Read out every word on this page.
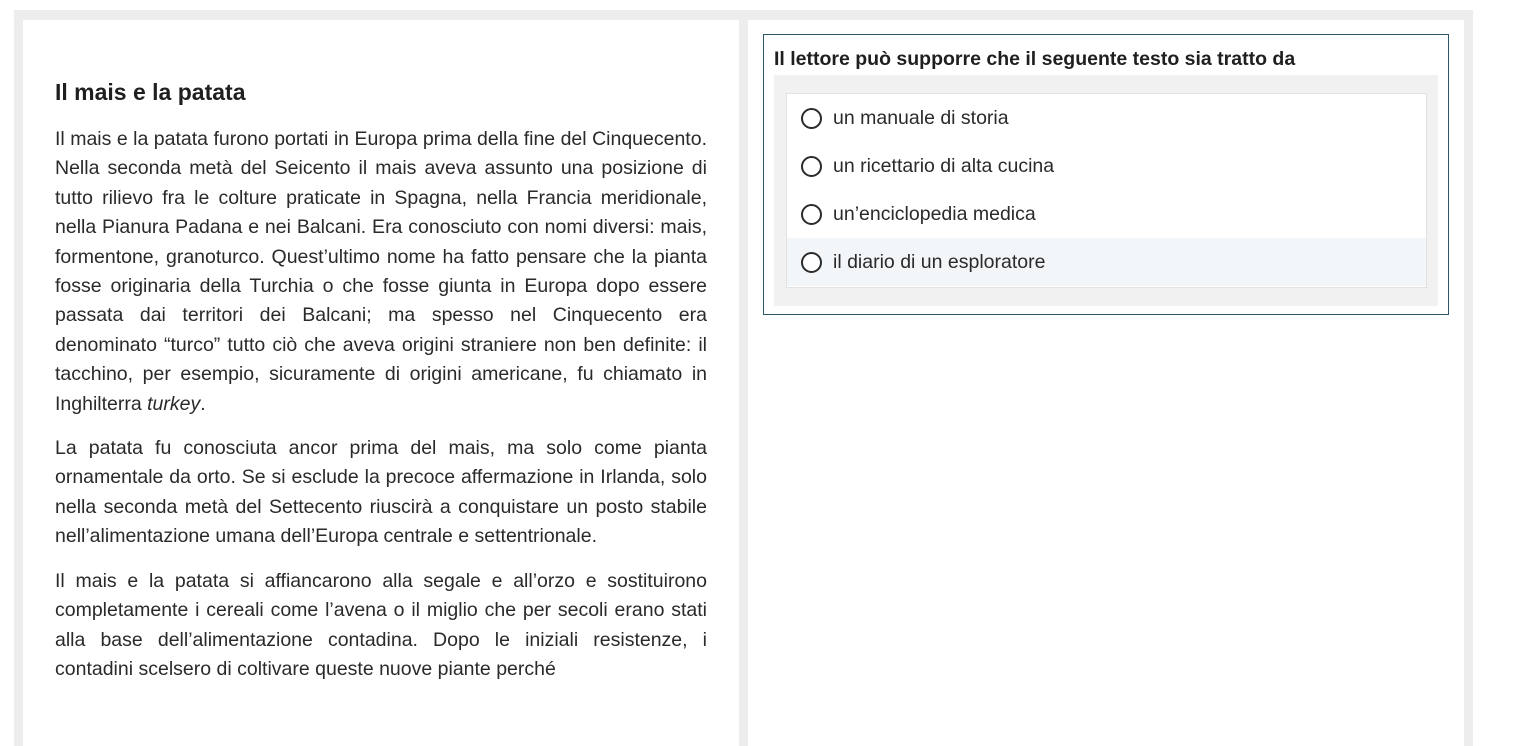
Il mais e la patata

Il mais e la patata furono portati in Europa prima della fine del Cinquecento. Nella seconda metà del Seicento il mais aveva assunto una posizione di tutto rilievo fra le colture praticate in Spagna, nella Francia meridionale, nella Pianura Padana e nei Balcani. Era conosciuto con nomi diversi: mais, formentone, granoturco. Quest’ultimo nome ha fatto pensare che la pianta fosse originaria della Turchia o che fosse giunta in Europa dopo essere passata dai territori dei Balcani; ma spesso nel Cinquecento era denominato “turco” tutto ciò che aveva origini straniere non ben definite: il tacchino, per esempio, sicuramente di origini americane, fu chiamato in Inghilterra turkey.

La patata fu conosciuta ancor prima del mais, ma solo come pianta ornamentale da orto. Se si esclude la precoce affermazione in Irlanda, solo nella seconda metà del Settecento riuscirà a conquistare un posto stabile nell’alimentazione umana dell’Europa centrale e settentrionale.

Il mais e la patata si affiancarono alla segale e all’orzo e sostituirono completamente i cereali come l’avena o il miglio che per secoli erano stati alla base dell’alimentazione contadina. Dopo le iniziali resistenze, i contadini scelsero di coltivare queste nuove piante perché

Il lettore può supporre che il seguente testo sia tratto da
un manuale di storia
un ricettario di alta cucina
un’enciclopedia medica
il diario di un esploratore
